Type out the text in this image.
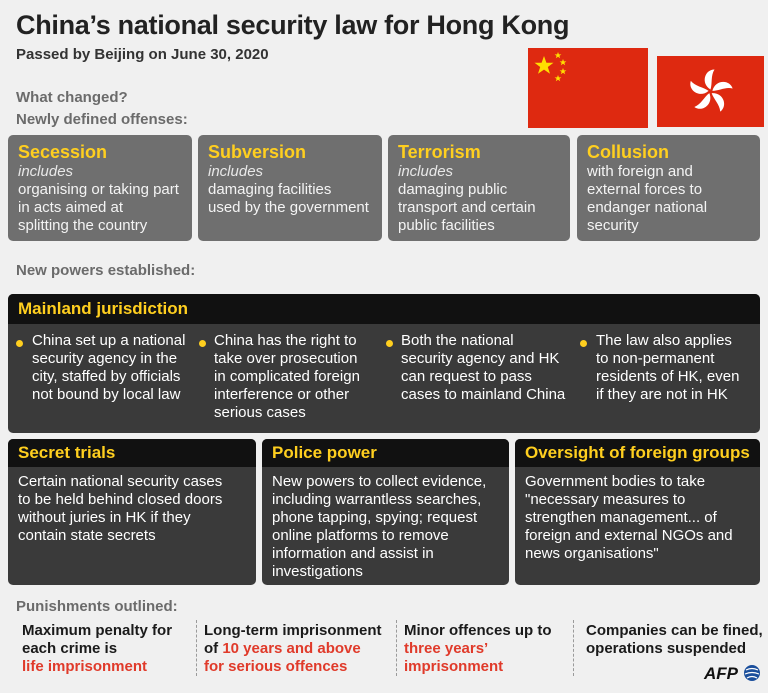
China’s national security law for Hong Kong
Passed by Beijing on June 30, 2020
What changed?
Newly defined offenses:
Secession
includes
organising or taking part
in acts aimed at
splitting the country
Subversion
includes
damaging facilities
used by the government
Terrorism
includes
damaging public
transport and certain
public facilities
Collusion
with foreign and
external forces to
endanger national
security
New powers established:
Mainland jurisdiction
China set up a national
security agency in the
city, staffed by officials
not bound by local law
China has the right to
take over prosecution
in complicated foreign
interference or other
serious cases
Both the national
security agency and HK
can request to pass
cases to mainland China
The law also applies
to non-permanent
residents of HK, even
if they are not in HK
Secret trials
Certain national security cases
to be held behind closed doors
without juries in HK if they
contain state secrets
Police power
New powers to collect evidence,
including warrantless searches,
phone tapping, spying; request
online platforms to remove
information and assist in
investigations
Oversight of foreign groups
Government bodies to take
"necessary measures to
strengthen management... of
foreign and external NGOs and
news organisations"
Punishments outlined:
Maximum penalty for
each crime is
life imprisonment
Long-term imprisonment
of 10 years and above
for serious offences
Minor offences up to
three years’
imprisonment
Companies can be fined,
operations suspended
AFP
